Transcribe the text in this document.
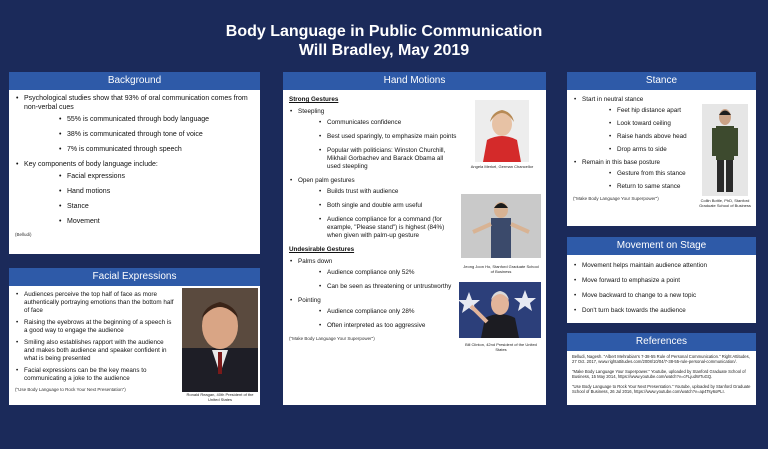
Body Language in Public Communication
Will Bradley, May 2019
Background
• Psychological studies show that 93% of oral communication comes from non-verbal cues
• 55% is communicated through body language
• 38% is communicated through tone of voice
• 7% is communicated through speech
• Key components of body language include:
• Facial expressions
• Hand motions
• Stance
• Movement
(Belludi)
Facial Expressions
• Audiences perceive the top half of face as more authentically portraying emotions than the bottom half of face
• Raising the eyebrows at the beginning of a speech is a good way to engage the audience
• Smiling also establishes rapport with the audience and makes both audience and speaker confident in what is being presented
• Facial expressions can be the key means to communicating a joke to the audience
("Use Body Language to Rock Your Next Presentation")
Ronald Reagan, 40th President of the United States
Hand Motions
Strong Gestures
• Steepling
• Communicates confidence
• Best used sparingly, to emphasize main points
• Popular with politicians: Winston Churchill, Mikhail Gorbachev and Barack Obama all used steepling
• Open palm gestures
• Builds trust with audience
• Both single and double arm useful
• Audience compliance for a command (for example, "Please stand") is highest (84%) when given with palm-up gesture
Undesirable Gestures
• Palms down
• Audience compliance only 52%
• Can be seen as threatening or untrustworthy
• Pointing
• Audience compliance only 28%
• Often interpreted as too aggressive
("Make Body Language Your Superpower")
Angela Merkel, German Chancellor
Jeong Joon Ho, Stanford Graduate School of Business
Bill Clinton, 42nd President of the United States
Stance
• Start in neutral stance
• Feet hip distance apart
• Look toward ceiling
• Raise hands above head
• Drop arms to side
• Remain in this base posture
• Gesture from this stance
• Return to same stance
("Make Body Language Your Superpower")	Collin Bottle, PhD, Stanford Graduate School of Business
Movement on Stage
• Movement helps maintain audience attention
• Move forward to emphasize a point
• Move backward to change to a new topic
• Don't turn back towards the audience
References
Belludi, Nagesh. "Albert Mehrabian's 7-38-55 Rule of Personal Communication." Right Attitudes, 27 Oct. 2017, www.rightattitudes.com/2008/10/04/7-38-55-rule-personal-communication/.
"Make Body Language Your Superpower." Youtube, uploaded by Stanford Graduate School of Business, 15 May 2014, https://www.youtube.com/watch?v=cFLjudWTuGQ.
"Use Body Language to Rock Your Next Presentation." Youtube, uploaded by Stanford Graduate School of Business, 26 Jul 2016, https://www.youtube.com/watch?v=ap4Tsy6oPLI.
